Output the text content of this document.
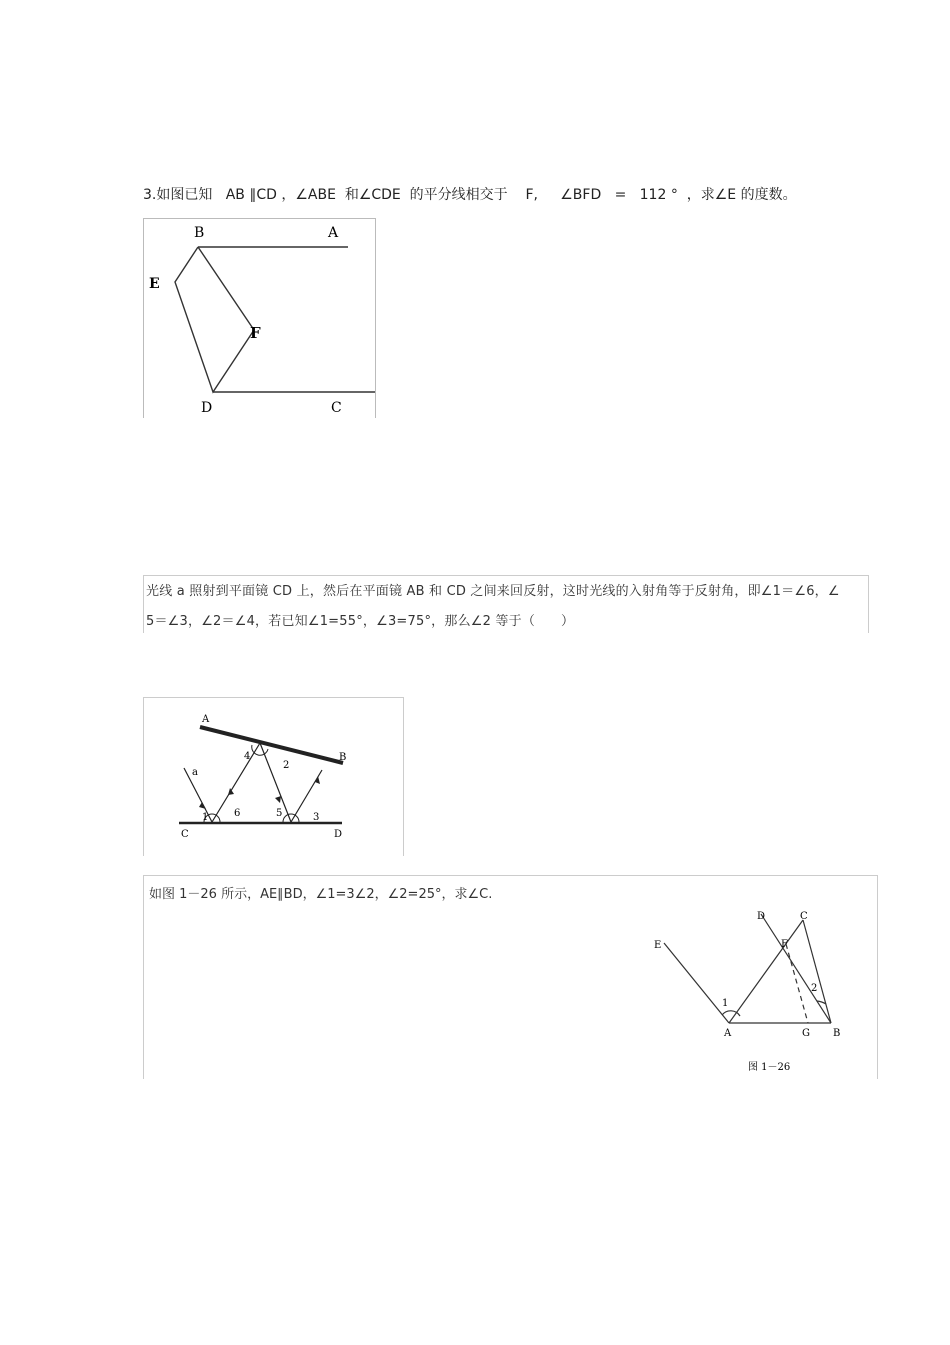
3.如图已知   AB ∥CD ，∠ABE  和∠CDE  的平分线相交于    F,     ∠BFD   =   112 °  ，求∠E 的度数。
B	A
E
F
D	C

光线 a 照射到平面镜 CD 上，然后在平面镜 AB 和 CD 之间来回反射，这时光线的入射角等于反射角，即∠1＝∠6，∠

5＝∠3，∠2＝∠4，若已知∠1=55°，∠3=75°，那么∠2 等于（      ）

A
B
C	D
a
1	6	5	3
4
2
如图 1－26 所示，AE∥BD，∠1=3∠2，∠2=25°，求∠C.
D	C
E	F
1
2
A	G B
图 1－26
